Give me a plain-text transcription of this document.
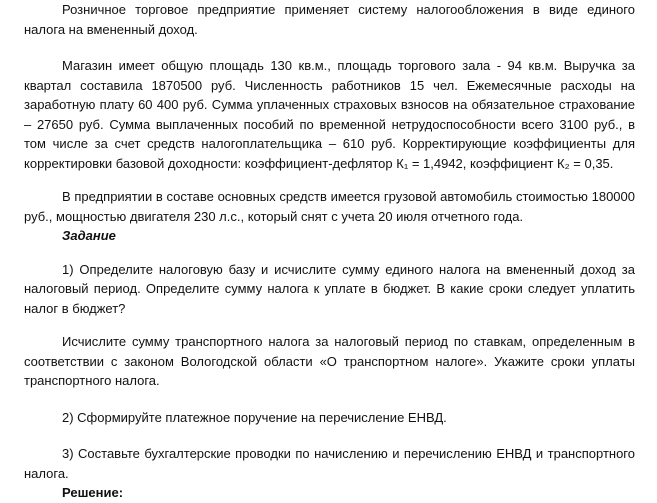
Розничное торговое предприятие применяет систему налогообложения в виде единого налога на вмененный доход.

Магазин имеет общую площадь 130 кв.м., площадь торгового зала - 94 кв.м. Выручка за квартал составила 1870500 руб. Численность работников 15 чел. Ежемесячные расходы на заработную плату 60 400 руб. Сумма уплаченных страховых взносов на обязательное страхование – 27650 руб. Сумма выплаченных пособий по временной нетрудоспособности всего 3100 руб., в том числе за счет средств налогоплательщика – 610 руб. Корректирующие коэффициенты для корректировки базовой доходности: коэффициент-дефлятор К₁ = 1,4942, коэффициент К₂ = 0,35.

В предприятии в составе основных средств имеется грузовой автомобиль стоимостью 180000 руб., мощностью двигателя 230 л.с., который снят с учета 20 июля отчетного года.

Задание

1) Определите налоговую базу и исчислите сумму единого налога на вмененный доход за налоговый период. Определите сумму налога к уплате в бюджет. В какие сроки следует уплатить налог в бюджет?

Исчислите сумму транспортного налога за налоговый период по ставкам, определенным в соответствии с законом Вологодской области «О транспортном налоге». Укажите сроки уплаты транспортного налога.

2) Сформируйте платежное поручение на перечисление ЕНВД.

3) Составьте бухгалтерские проводки по начислению и перечислению ЕНВД и транспортного налога.

Решение:
